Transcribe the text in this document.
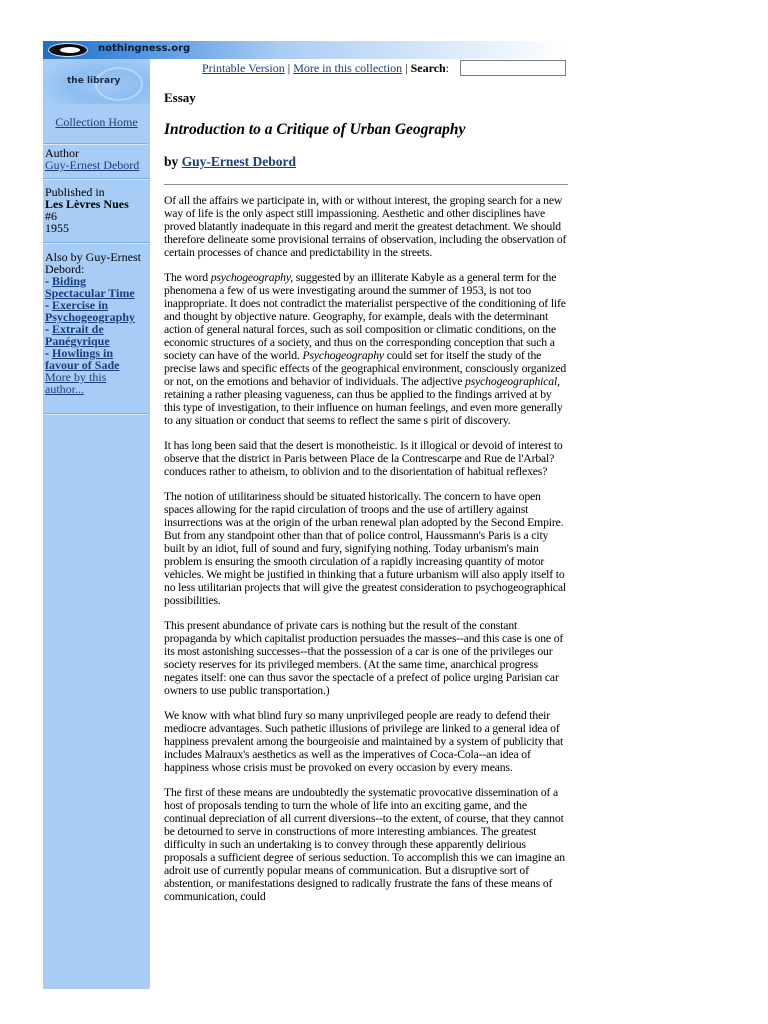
nothingness.org
the library
Collection Home
Author
Guy-Ernest Debord
Published in
Les Lèvres Nues
#6
1955
Also by Guy-Ernest Debord:
- Biding Spectacular Time
- Exercise in Psychogeography
- Extrait de Panégyrique
- Howlings in favour of Sade
More by this author...
Printable Version | More in this collection | Search:
Essay
Introduction to a Critique of Urban Geography
by Guy-Ernest Debord

Of all the affairs we participate in, with or without interest, the groping search for a new way of life is the only aspect still impassioning. Aesthetic and other disciplines have proved blatantly inadequate in this regard and merit the greatest detachment. We should therefore delineate some provisional terrains of observation, including the observation of certain processes of chance and predictability in the streets.

The word psychogeography, suggested by an illiterate Kabyle as a general term for the phenomena a few of us were investigating around the summer of 1953, is not too inappropriate. It does not contradict the materialist perspective of the conditioning of life and thought by objective nature. Geography, for example, deals with the determinant action of general natural forces, such as soil composition or climatic conditions, on the economic structures of a society, and thus on the corresponding conception that such a society can have of the world. Psychogeography could set for itself the study of the precise laws and specific effects of the geographical environment, consciously organized or not, on the emotions and behavior of individuals. The adjective psychogeographical, retaining a rather pleasing vagueness, can thus be applied to the findings arrived at by this type of investigation, to their influence on human feelings, and even more generally to any situation or conduct that seems to reflect the same s pirit of discovery.

It has long been said that the desert is monotheistic. Is it illogical or devoid of interest to observe that the district in Paris between Place de la Contrescarpe and Rue de l'Arbal? conduces rather to atheism, to oblivion and to the disorientation of habitual reflexes?

The notion of utilitariness should be situated historically. The concern to have open spaces allowing for the rapid circulation of troops and the use of artillery against insurrections was at the origin of the urban renewal plan adopted by the Second Empire. But from any standpoint other than that of police control, Haussmann's Paris is a city built by an idiot, full of sound and fury, signifying nothing. Today urbanism's main problem is ensuring the smooth circulation of a rapidly increasing quantity of motor vehicles. We might be justified in thinking that a future urbanism will also apply itself to no less utilitarian projects that will give the greatest consideration to psychogeographical possibilities.

This present abundance of private cars is nothing but the result of the constant propaganda by which capitalist production persuades the masses--and this case is one of its most astonishing successes--that the possession of a car is one of the privileges our society reserves for its privileged members. (At the same time, anarchical progress negates itself: one can thus savor the spectacle of a prefect of police urging Parisian car owners to use public transportation.)

We know with what blind fury so many unprivileged people are ready to defend their mediocre advantages. Such pathetic illusions of privilege are linked to a general idea of happiness prevalent among the bourgeoisie and maintained by a system of publicity that includes Malraux's aesthetics as well as the imperatives of Coca-Cola--an idea of happiness whose crisis must be provoked on every occasion by every means.

The first of these means are undoubtedly the systematic provocative dissemination of a host of proposals tending to turn the whole of life into an exciting game, and the continual depreciation of all current diversions--to the extent, of course, that they cannot be detourned to serve in constructions of more interesting ambiances. The greatest difficulty in such an undertaking is to convey through these apparently delirious proposals a sufficient degree of serious seduction. To accomplish this we can imagine an adroit use of currently popular means of communication. But a disruptive sort of abstention, or manifestations designed to radically frustrate the fans of these means of communication, could
